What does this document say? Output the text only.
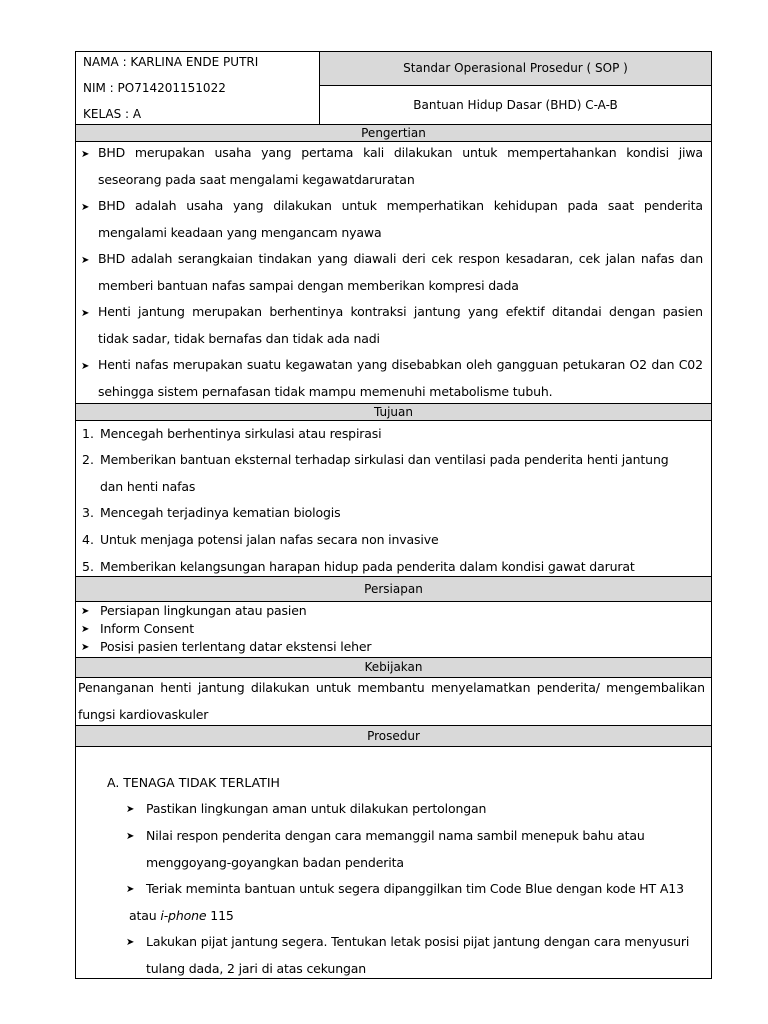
NAMA : KARLINA ENDE PUTRI
NIM : PO714201151022
KELAS : A
Standar Operasional Prosedur ( SOP )
Bantuan Hidup Dasar (BHD) C-A-B
Pengertian
➤ BHD merupakan usaha yang pertama kali dilakukan untuk mempertahankan kondisi jiwa
seseorang pada saat mengalami kegawatdaruratan
➤ BHD adalah usaha yang dilakukan untuk memperhatikan kehidupan pada saat penderita
mengalami keadaan yang mengancam nyawa
➤ BHD adalah serangkaian tindakan yang diawali deri cek respon kesadaran, cek jalan nafas dan
memberi bantuan nafas sampai dengan memberikan kompresi dada
➤ Henti jantung merupakan berhentinya kontraksi jantung yang efektif ditandai dengan pasien
tidak sadar, tidak bernafas dan tidak ada nadi
➤ Henti nafas merupakan suatu kegawatan yang disebabkan oleh gangguan petukaran O2 dan C02
sehingga sistem pernafasan tidak mampu memenuhi metabolisme tubuh.
Tujuan
1. Mencegah berhentinya sirkulasi atau respirasi
2. Memberikan bantuan eksternal terhadap sirkulasi dan ventilasi pada penderita henti jantung
dan henti nafas
3. Mencegah terjadinya kematian biologis
4. Untuk menjaga potensi jalan nafas secara non invasive
5. Memberikan kelangsungan harapan hidup pada penderita dalam kondisi gawat darurat
Persiapan
➤ Persiapan lingkungan atau pasien
➤ Inform Consent
➤ Posisi pasien terlentang datar ekstensi leher
Kebijakan
Penanganan henti jantung dilakukan untuk membantu menyelamatkan penderita/ mengembalikan
fungsi kardiovaskuler
Prosedur
A. TENAGA TIDAK TERLATIH
➤ Pastikan lingkungan aman untuk dilakukan pertolongan
➤ Nilai respon penderita dengan cara memanggil nama sambil menepuk bahu atau
menggoyang-goyangkan badan penderita
➤ Teriak meminta bantuan untuk segera dipanggilkan tim Code Blue dengan kode HT A13
atau i-phone 115
➤ Lakukan pijat jantung segera. Tentukan letak posisi pijat jantung dengan cara menyusuri
tulang dada, 2 jari di atas cekungan
